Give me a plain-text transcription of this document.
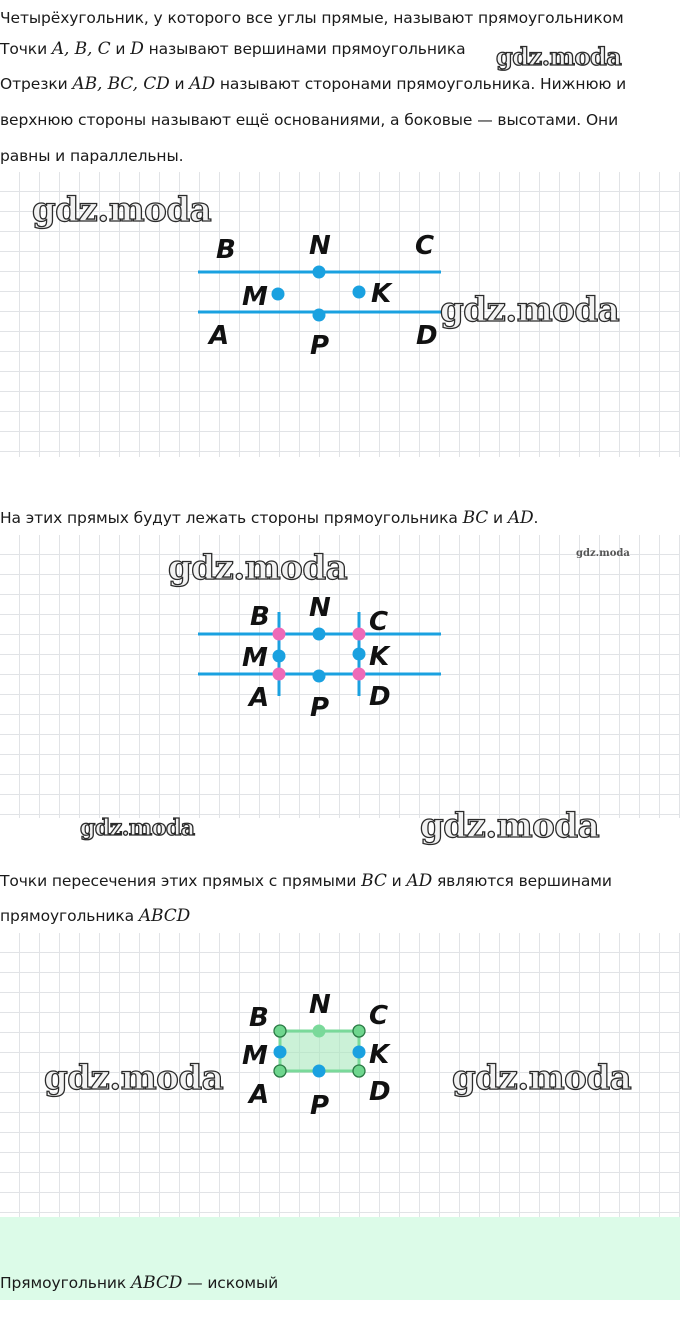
Четырёхугольник, у которого все углы прямые, называют прямоугольником
Точки A, B, C и D называют вершинами прямоугольника
Отрезки AB, BC, CD и AD называют сторонами прямоугольника. Нижнюю и
верхнюю стороны называют ещё основаниями, а боковые — высотами. Они
равны и параллельны.
B	N	C
M	K
A	P	D
На этих прямых будут лежать стороны прямоугольника BC и AD.
B N C
M	K
A P D
Точки пересечения этих прямых с прямыми BC и AD являются вершинами
прямоугольника ABCD
B N C
M	K
A P D
Прямоугольник ABCD — искомый
gdz.moda
gdz.moda
gdz.moda
gdz.moda
gdz.moda
gdz.moda	gdz.moda
gdz.moda	gdz.moda
